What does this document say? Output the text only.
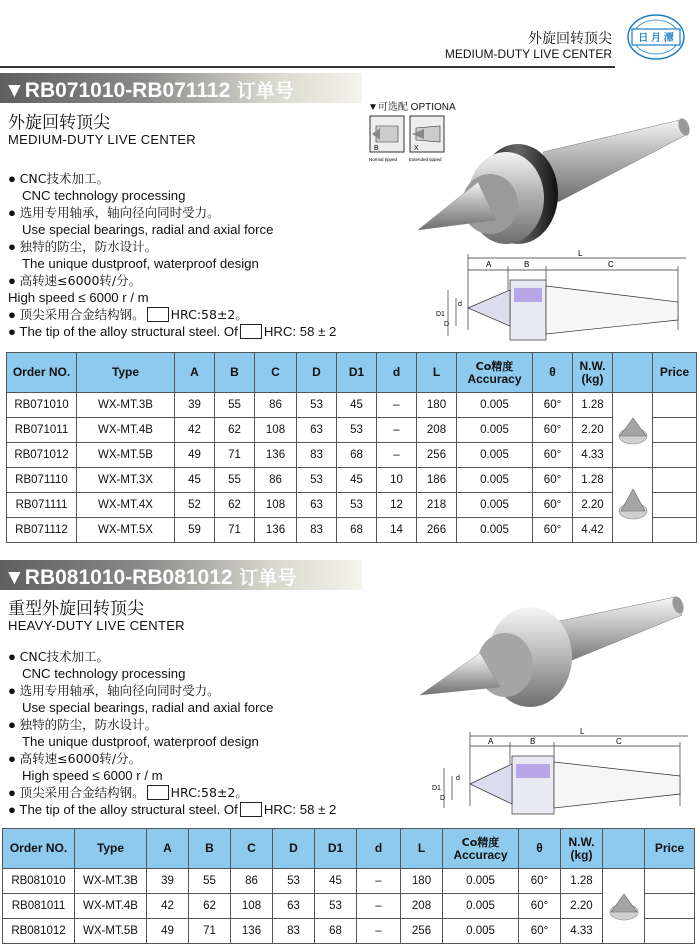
外旋回转顶尖
MEDIUM-DUTY LIVE CENTER
日 月 潭
▼RB071010-RB071112 订单号
外旋回转顶尖
MEDIUM-DUTY LIVE CENTER
▼可选配 OPTIONA
B	X
Normal tipped	Extended tipped
A	B	C
L
D1
D
d
● CNC技术加工。
CNC technology processing
● 选用专用轴承，轴向径向同时受力。
Use special bearings, radial and axial force
● 独特的防尘，防水设计。
The unique dustproof, waterproof design
● 高转速≤6000转/分。
High speed ≤ 6000 r / m
● 顶尖采用合金结构钢。 HRC:58±2。
● The tip of the alloy structural steel. Of HRC: 58 ± 2
Order NO.	Type	A	B	C	D	D1	d	L	Co精度
Accuracy	θ	N.W.
(kg)		Price
RB071010	WX-MT.3B	39	55	86	53	45	–	180	0.005	60°	1.28		
RB071011	WX-MT.4B	42	62	108	63	53	–	208	0.005	60°	2.20		
RB071012	WX-MT.5B	49	71	136	83	68	–	256	0.005	60°	4.33		
RB071110	WX-MT.3X	45	55	86	53	45	10	186	0.005	60°	1.28		
RB071111	WX-MT.4X	52	62	108	63	53	12	218	0.005	60°	2.20		
RB071112	WX-MT.5X	59	71	136	83	68	14	266	0.005	60°	4.42		
▼RB081010-RB081012 订单号
重型外旋回转顶尖
HEAVY-DUTY LIVE CENTER
A	B	C
L
D1
D
d
● CNC技术加工。
CNC technology processing
● 选用专用轴承，轴向径向同时受力。
Use special bearings, radial and axial force
● 独特的防尘，防水设计。
The unique dustproof, waterproof design
● 高转速≤6000转/分。
High speed ≤ 6000 r / m
● 顶尖采用合金结构钢。 HRC:58±2。
● The tip of the alloy structural steel. Of HRC: 58 ± 2
Order NO.	Type	A	B	C	D	D1	d	L	Co精度
Accuracy	θ	N.W.
(kg)		Price
RB081010	WX-MT.3B	39	55	86	53	45	–	180	0.005	60°	1.28		
RB081011	WX-MT.4B	42	62	108	63	53	–	208	0.005	60°	2.20		
RB081012	WX-MT.5B	49	71	136	83	68	–	256	0.005	60°	4.33		
